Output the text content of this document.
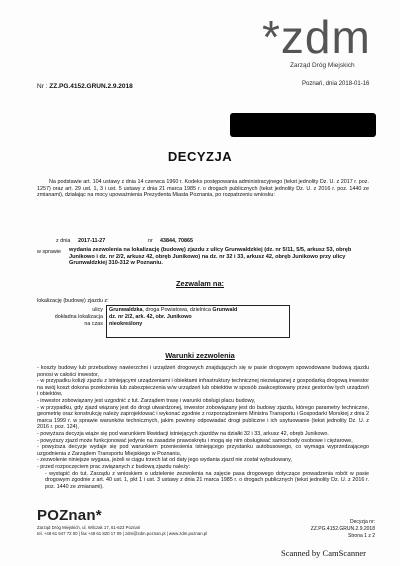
*zdm
Zarząd Dróg Miejskich
Nr : ZZ.PG.4152.GRUN.2.9.2018	Poznań, dnia 2018-01-16
DECYZJA
Na podstawie art. 104 ustawy z dnia 14 czerwca 1960 r. Kodeks postępowania administracyjnego (tekst jednolity Dz. U. z 2017 r. poz. 1257) oraz art. 29 ust. 1, 3 i ust. 5 ustawy z dnia 21 marca 1985 r. o drogach publicznych (tekst jednolity Dz. U. z 2016 r. poz. 1440 ze zmianami), działając na mocy upoważnienia Prezydenta Miasta Poznania, po rozpatrzeniu wniosku:
z dnia 2017-11-27	nr 43844, 70865
w sprawie wydania zezwolenia na lokalizację (budowę) zjazdu z ulicy Grunwaldzkiej (dz. nr 5/11, 5/5, arkusz 53, obręb Junikowo i dz. nr 2/2, arkusz 42, obręb Junikowo) na dz. nr 32 i 33, arkusz 42, obręb Junikowo przy ulicy Grunwaldzkiej 310-312 w Poznaniu.
Zezwalam na:
lokalizację (budowę) zjazdu z:
ulicy
dokładna lokalizacja
na czas
Grunwaldzka, droga Powiatowa, dzielnica Grunwald
dz. nr 2/2, ark. 42, obr. Junikowo
nieokreślony
Warunki zezwolenia

- koszty budowy lub przebudowy nawierzchni i urządzeń drogowych znajdujących się w pasie drogowym spowodowane budową zjazdu ponosi w całości inwestor,

- w przypadku kolizji zjazdu z istniejącymi urządzeniami i obiektami infrastruktury technicznej niezwiązanej z gospodarką drogową inwestor na swój koszt dokona przełożenia lub zabezpieczenia w/w urządzeń lub obiektów w sposób zaakceptowany przez gestorów tych urządzeń i obiektów,

- inwestor zobowiązany jest uzgodnić z tut. Zarządem trasę i warunki obsługi placu budowy,

- w przypadku, gdy zjazd wiązany jest do drogi utwardzonej, inwestor zobowiązany jest do budowy zjazdu, którego parametry techniczne, geometrię oraz konstrukcję należy zaprojektować i wykonać zgodnie z rozporządzeniem Ministra Transportu i Gospodarki Morskiej z dnia 2 marca 1999 r. w sprawie warunków technicznych, jakim powinny odpowiadać drogi publiczne i ich usytuowanie (tekst jednolity Dz. U. z 2016 r. poz. 124),

- powyższa decyzja wiąże się pod warunkiem likwidacji istniejących zjazdów na działki 32 i 33, arkusz 42, obręb Junikowo.

- powyższy zjazd może funkcjonować jedynie na zasadzie prawoskrętu i mogą się nim obsługiwać samochody osobowe i ciężarowe,

- powyższa decyzje wydaje się pod warunkiem przeniesienia istniejącego przystanku autobusowego, co wymaga wyprzedzającego uzgodnienia z Zarządem Transportu Miejskiego w Poznaniu,

- zezwolenie niniejsze wygasa, jeżeli w ciągu trzech lat od daty jego wydania zjazd nie został wybudowany,

- przed rozpoczęciem prac związanych z budową zjazdu należy:

- wystąpić do tut. Zarządu z wnioskiem o udzielenie zezwolenia na zajęcie pasa drogowego dotyczące prowadzenia robót w pasie drogowym zgodnie z art. 40 ust. 1, pkt 1 i ust. 3 ustawy z dnia 21 marca 1985 r. o drogach publicznych (tekst jednolity Dz. U. z 2016 r. poz. 1440 ze zmianami).

POZnan*
Zarząd Dróg Miejskich, ul. Wilczak 17, 61-623 Poznań
tel. +48 61 647 72 00 | fax +48 61 820 17 09 | zdm@zdm.poznan.pl | www.zdm.poznan.pl
Decyzja nr: ZZ.PG.4152.GRUN.2.9.2018
Strona 1 z 2
Scanned by CamScanner
